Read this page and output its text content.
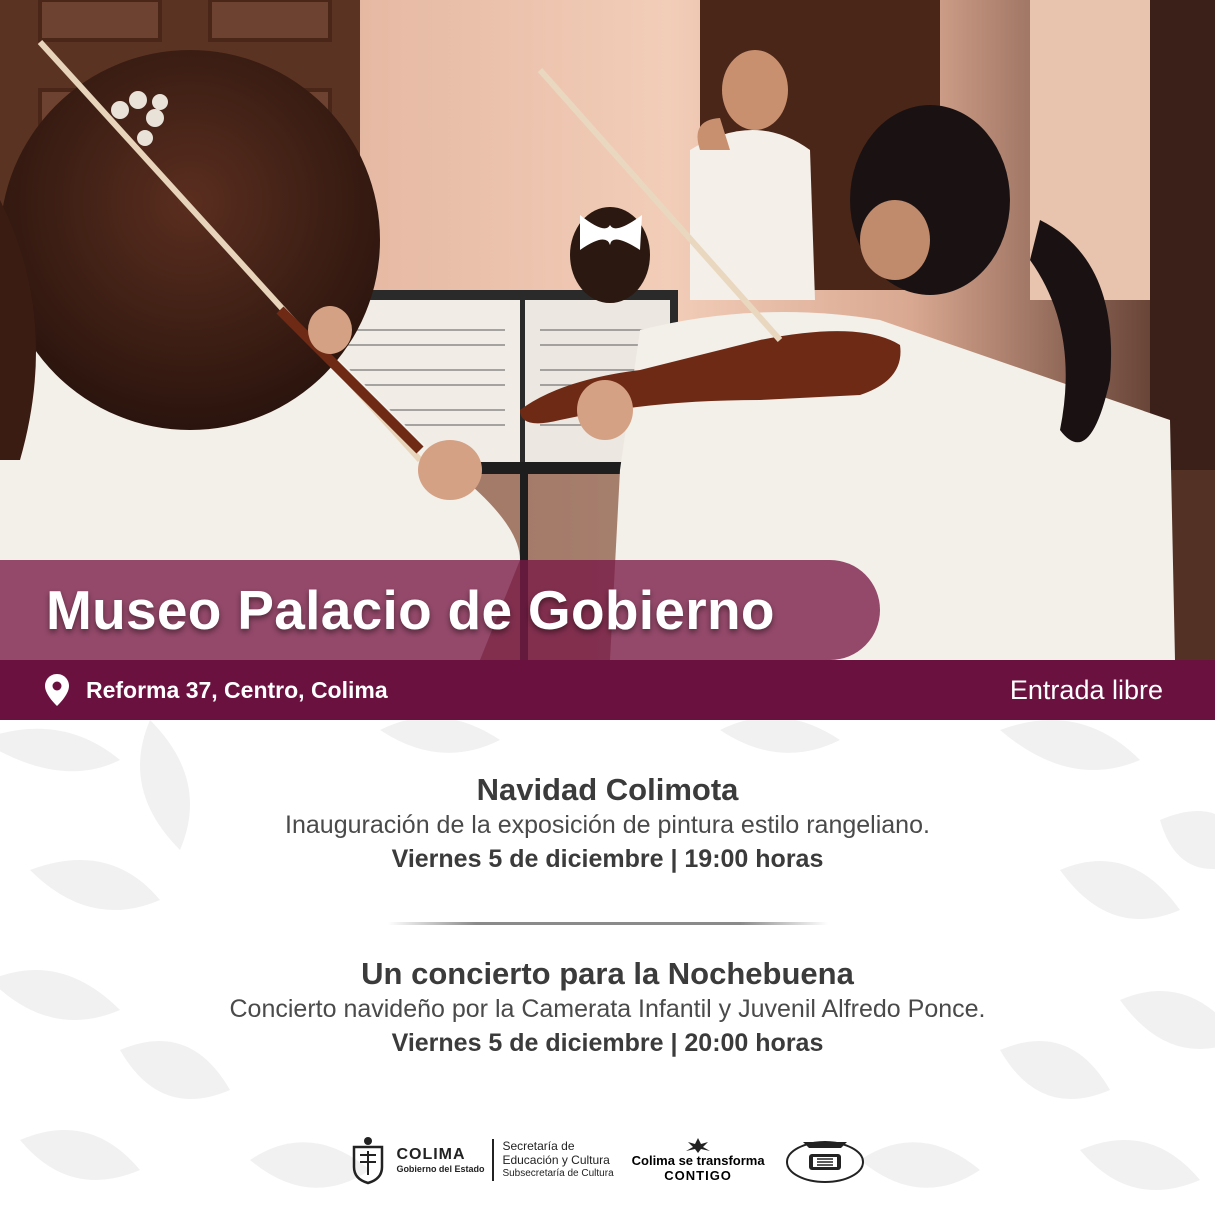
Museo Palacio de Gobierno
Reforma 37, Centro, Colima	Entrada libre
Navidad Colimota
Inauguración de la exposición de pintura estilo rangeliano.
Viernes 5 de diciembre | 19:00 horas
Un concierto para la Nochebuena
Concierto navideño por la Camerata Infantil y Juvenil Alfredo Ponce.
Viernes 5 de diciembre | 20:00 horas
COLIMA
Gobierno del Estado
Secretaría de
Educación y Cultura
Subsecretaría de Cultura
Colima se transforma
CONTIGO
